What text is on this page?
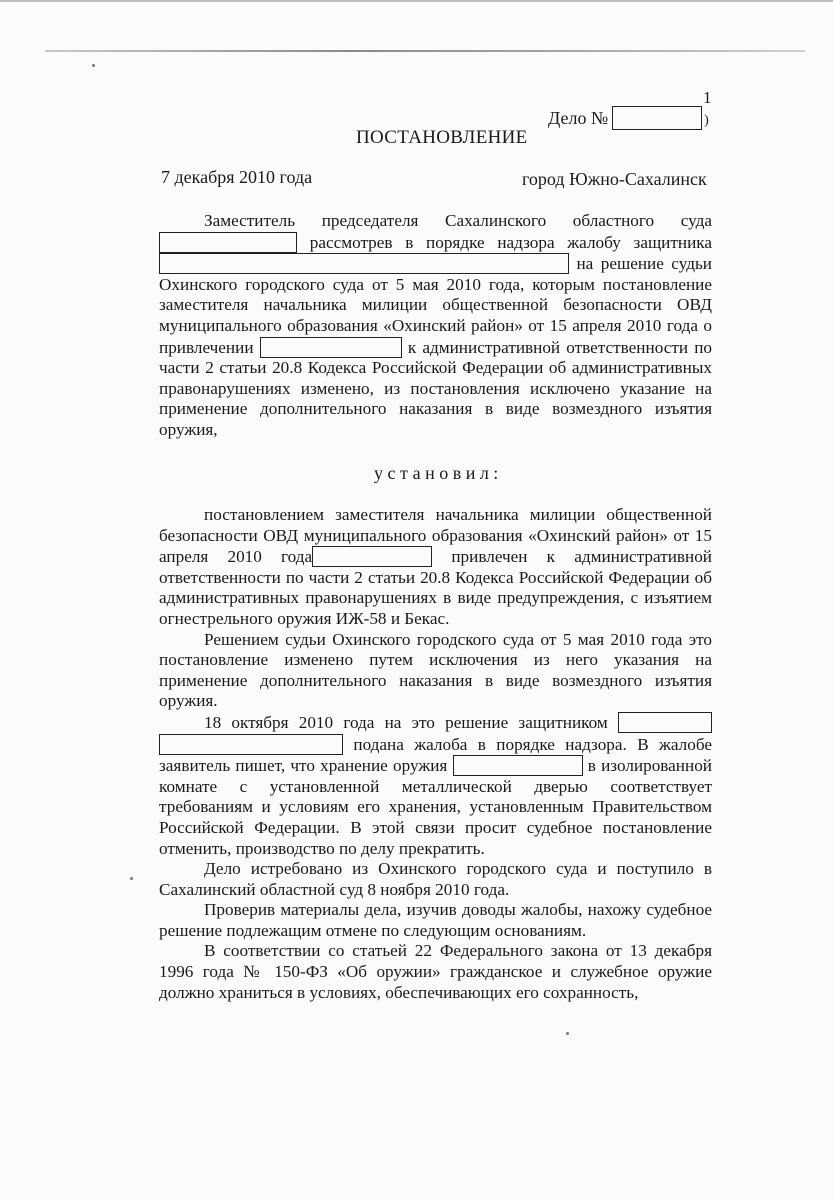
1
Дело №	)
ПОСТАНОВЛЕНИЕ
7 декабря 2010 года	город Южно-Сахалинск

Заместитель председателя Сахалинского областного суда  рассмотрев в порядке надзора жалобу защитника  на решение судьи Охинского городского суда от 5 мая 2010 года, которым постановление заместителя начальника милиции общественной безопасности ОВД муниципального образования «Охинский район» от 15 апреля 2010 года о привлечении	к административной ответственности по части 2 статьи 20.8 Кодекса Российской Федерации об административных правонарушениях изменено, из постановления исключено указание на применение дополнительного наказания в виде возмездного изъятия оружия,

установил:

постановлением заместителя начальника милиции общественной безопасности ОВД муниципального образования «Охинский район» от 15 апреля 2010 года	привлечен к административной ответственности по части 2 статьи 20.8 Кодекса Российской Федерации об административных правонарушениях в виде предупреждения, с изъятием огнестрельного оружия ИЖ-58 и Бекас.

Решением судьи Охинского городского суда от 5 мая 2010 года это постановление изменено путем исключения из него указания на применение дополнительного наказания в виде возмездного изъятия оружия.

18 октября 2010 года на это решение защитником   подана жалоба в порядке надзора. В жалобе заявитель пишет, что хранение оружия	в изолированной комнате с установленной металлической дверью соответствует требованиям и условиям его хранения, установленным Правительством Российской Федерации. В этой связи просит судебное постановление отменить, производство по делу прекратить.

Дело истребовано из Охинского городского суда и поступило в Сахалинский областной суд 8 ноября 2010 года.

Проверив материалы дела, изучив доводы жалобы, нахожу судебное решение подлежащим отмене по следующим основаниям.

В соответствии со статьей 22 Федерального закона от 13 декабря 1996 года № 150-ФЗ «Об оружии» гражданское и служебное оружие должно храниться в условиях, обеспечивающих его сохранность,
